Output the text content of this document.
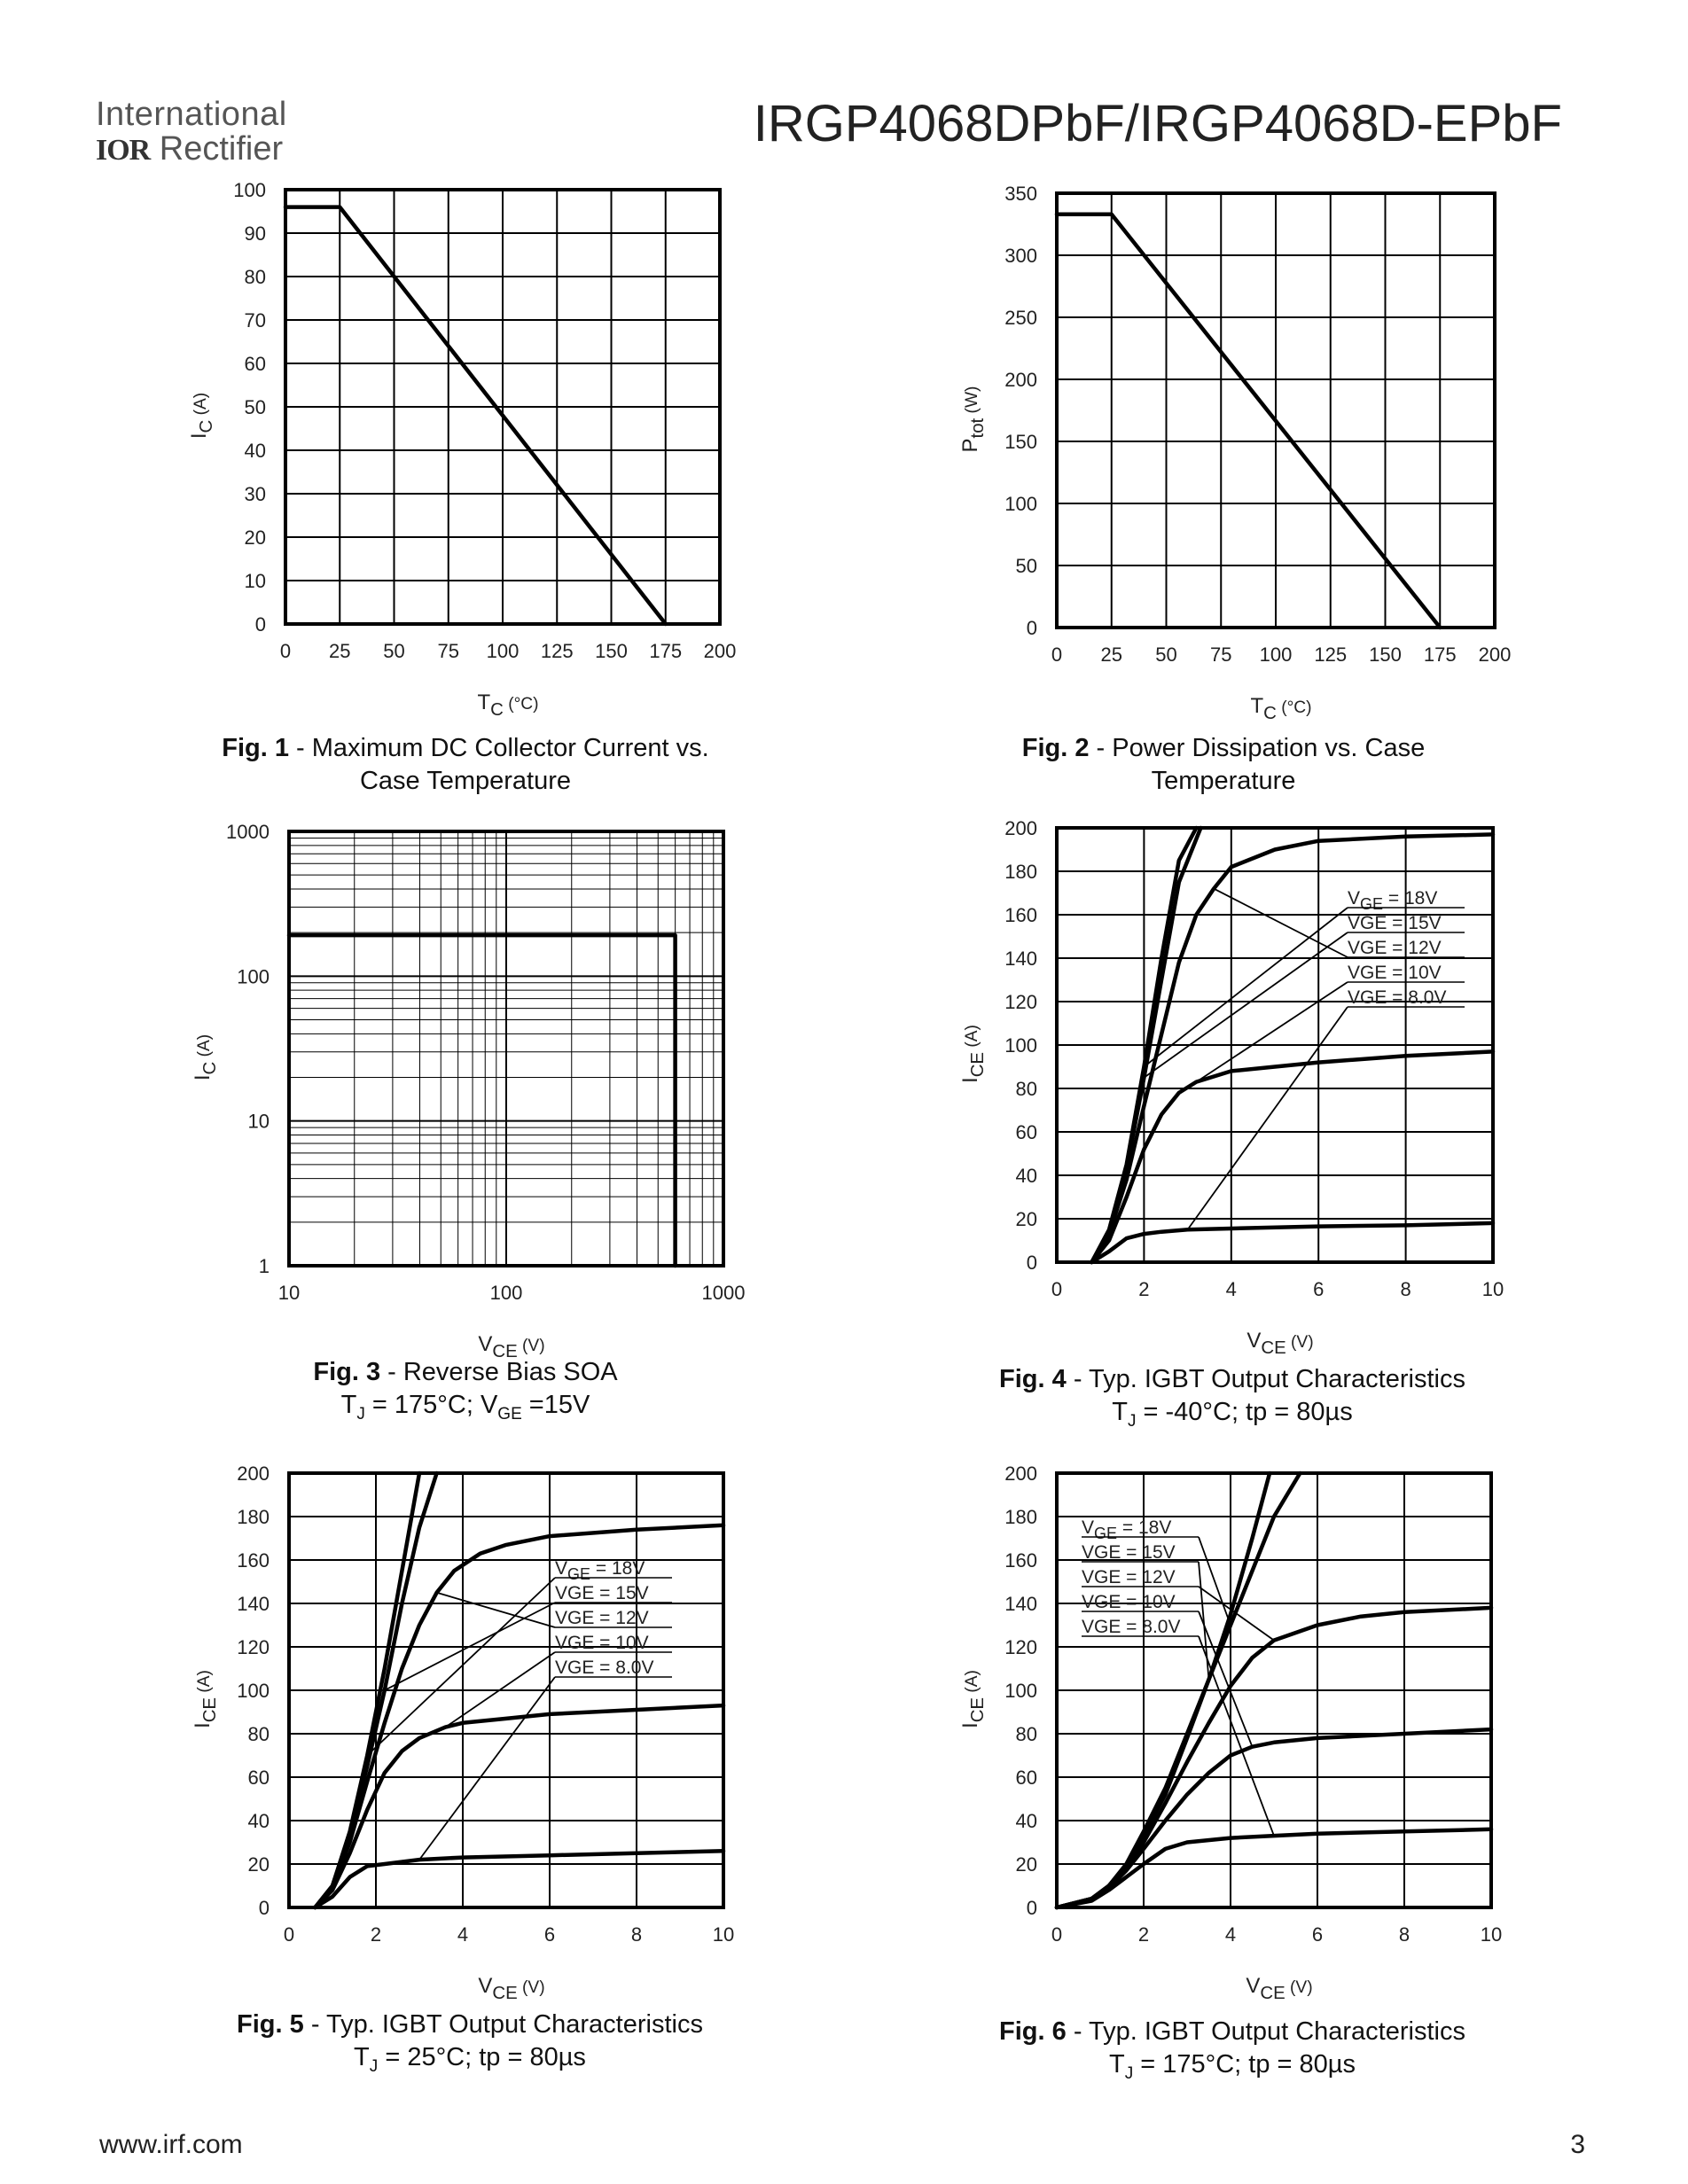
International
IOR Rectifier	IRGP4068DPbF/IRGP4068D-EPbF
0 25 50 75 100 125 150 175 200
0
10
20
30
40
50
60
70
80
90
100
$T_C$ $^{(^\circ C)}$
$I_C$ $^{(A)}$
0 25 50 75 100 125 150 175 200
0
50
100
150
200
250
300
350
$T_C$ $^{(^\circ C)}$
$P_{tot}$ $^{(W)}$
10	100	1000
1
10
100
1000
$V_{CE}$ $^{(V)}$
$I_C$ $^{(A)}$
0	2	4	6	8	10
0
20
40
60
80
100
120
140
160
180
200
$V_{CE}$ $^{(V)}$
$I_{CE}$ $^{(A)}$
VGE = 18V
VGE = 15V
VGE = 12V
VGE = 10V
VGE = 8.0V
0	2	4	6	8	10
0
20
40
60
80
100
120
140
160
180
200
$V_{CE}$ $^{(V)}$
$I_{CE}$ $^{(A)}$
VGE = 18V
VGE = 15V
VGE = 12V
VGE = 10V
VGE = 8.0V
0	2	4	6	8	10
0
20
40
60
80
100
120
140
160
180
200
$V_{CE}$ $^{(V)}$
$I_{CE}$ $^{(A)}$
VGE = 18V
VGE = 15V
VGE = 12V
VGE = 10V
VGE = 8.0V
Fig. 1 - Maximum DC Collector Current vs.
Case Temperature
Fig. 2 - Power Dissipation vs. Case
Temperature
Fig. 3 - Reverse Bias SOA
$T_J = 175^\circ C$; $V_{GE} =15V$
Fig. 4 - Typ. IGBT Output Characteristics
$T_J = -40^\circ C$; tp = 80µs
Fig. 5 - Typ. IGBT Output Characteristics
$T_J = 25^\circ C$; tp = 80µs
Fig. 6 - Typ. IGBT Output Characteristics
$T_J = 175^\circ C$; tp = 80µs
www.irf.com	3
